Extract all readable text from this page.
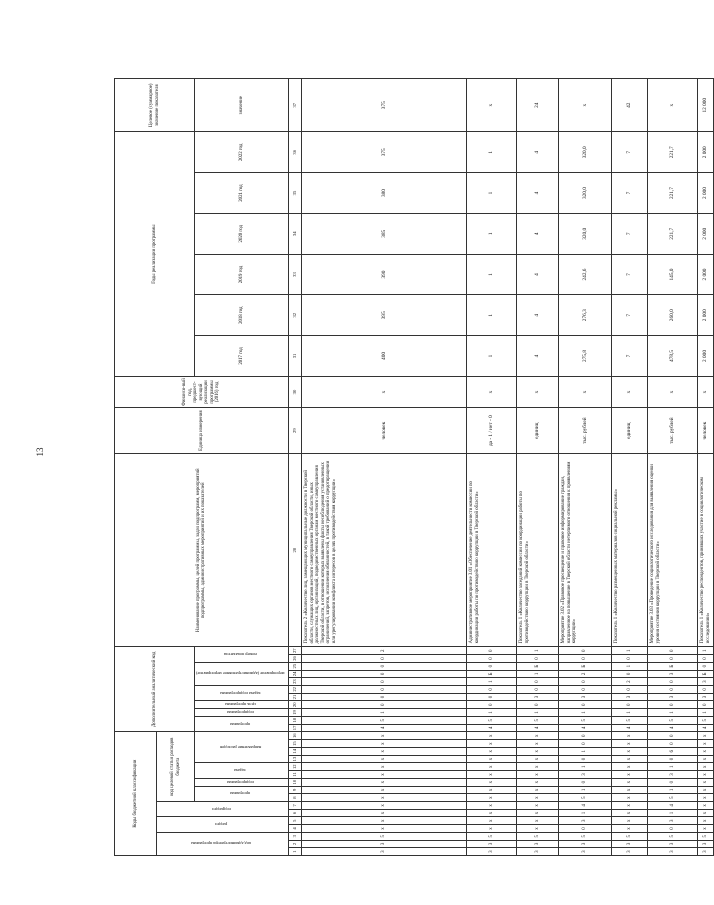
13
Коды бюджетной классификации																Дополнительный аналитический код											Наименование программы, целей программы, задач подпрограмм, мероприятий подпрограммы, административных мероприятий и их показателей	Единица измерения	Финансо-вый год, предшест-вующий реализации программы (2016) год	Годы реализации программы						Целевое (суммарное) значение показателя
код администратора программы			раздел		подраздел		код целевой статьи расходов бюджета																													
							программа		подпрограмма	задача		направление расходов				программа		подпрограмма	цель программы	задача подпрограммы		мероприятие (административное мероприятие)			номер показателя					2017 год	2018 год	2019 год	2020 год	2021 год	2022 год	значение
1	2	3	4	5	6	7	8	9	10	11	12	13	14	15	16	17	18	19	20	21	22	23	24	25	26	27	28	29	30	31	32	33	34	35	36	37
3	3	5	х	х	х	х	х	х	х	х	х	х	х	х	х	4	5	1	0	0	0	0	0	0	0	2	Показатель 2 «Количество лиц, замещающих муниципальные должности в Тверской области, служащих органов местного самоуправления Тверской области, иных должностных лиц, организаций, подведомственных органам местного самоуправления Тверской области, в отношении которых выявлены факты несоблюдения установленных ограничений, запретов, исполнения обязанностей, в такой требований о предотвращении или урегулировании конфликта интересов в целях противодействия коррупции»	человек	х	400	395	390	385	380	375	375
3	3	5	х	х	х	х	х	х	х	х	х	х	х	х	х	4	5	1	0	0	0	1	Б	0	0	0	Административное мероприятие 3.01 «Обеспечение деятельности комиссии по координации работы по противодействию коррупции в Тверской области»	да - 1 / нет - 0	х	1	1	1	1	1	1	х
3	3	5	х	х	х	х	х	х	х	х	х	х	х	х	х	4	5	1	0	3	0	0	1	Б	0	1	Показатель 1 «Количество заседаний комиссии по координации работы по противодействию коррупции в Тверской области»	единиц	х	4	4	4	4	4	4	24
3	3	5	0	3	1	4	5	1	0	3	1	0	1	0	0	4	5	1	0	3	0	0	2	Б	0	0	Мероприятие 3.02 «Правовое просвещение и правовое информирование граждан, направленное на повышение в Тверской области нетерпимого отношения к проявлениям коррупции»	тыс. рублей	х	275,8	276,3	242,6	320,0	320,0	320,0	х
3	3	5	х	х	х	х	х	х	х	х	х	х	х	х	х	4	5	1	0	3	0	2	0	1	0	1	Показатель 1 «Количество размещенных материалов социальной рекламы»	единиц	х	7	7	7	7	7	7	42
3	3	5	0	3	1	4	5	1	0	3	1	0	6	0	0	4	5	1	0	3	0	0	3	Б	0	0	Мероприятие 3.03 «Проведение социологического исследования для выявления оценки уровня состояния коррупции в Тверской области»	тыс. рублей	х	478,5	260,0	145,0	221,7	221,7	221,7	х
3	3	5	х	х	х	х	х	х	х	х	х	х	х	х	х	4	5	1	0	3	0	3	Б	0	0	1	Показатель 1 «Количество респондентов, принявших участие в социологическом исследовании»	человек	х	2 000	2 000	2 000	2 000	2 000	2 000	12 000
